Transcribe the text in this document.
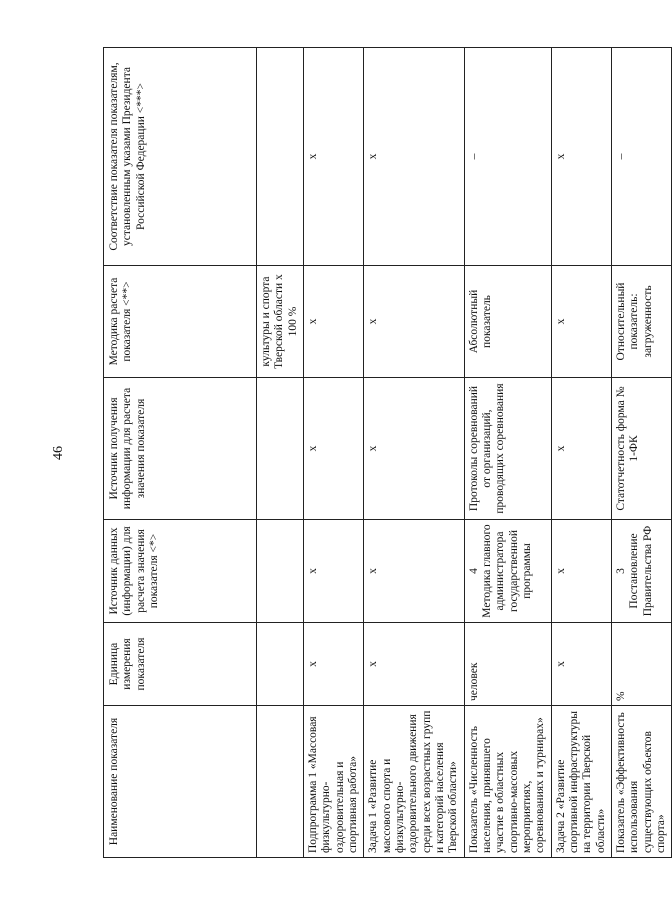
46
Наименование показателя	Единица измерения показателя	Источник данных (информации) для расчета значения показателя <*>	Источник получения информации для расчета значения показателя	Методика расчета показателя <**>	Соответствие показателя показателям, установленным указами Президента Российской Федерации <***>
				культуры и спорта Тверской области x 100 %	
Подпрограмма 1 «Массовая физкультурно-оздоровительная и спортивная работа»	x	x	x	x	x
Задача 1 «Развитие массового спорта и физкультурно-оздоровительного движения среди всех возрастных групп и категорий населения Тверской области»	x	x	x	x	x
Показатель «Численность населения, принявшего участие в областных спортивно-массовых мероприятиях, соревнованиях и турнирах»	человек	4 Методика главного администратора государственной программы	Протоколы соревнований от организаций, проводящих соревнования	Абсолютный показатель	–
Задача 2 «Развитие спортивной инфраструктуры на территории Тверской области»	x	x	x	x	x
Показатель «Эффективность использования существующих объектов спорта»	%	3 Постановление Правительства РФ	Статотчетность форма № 1-ФК	Относительный показатель: загруженность	–
